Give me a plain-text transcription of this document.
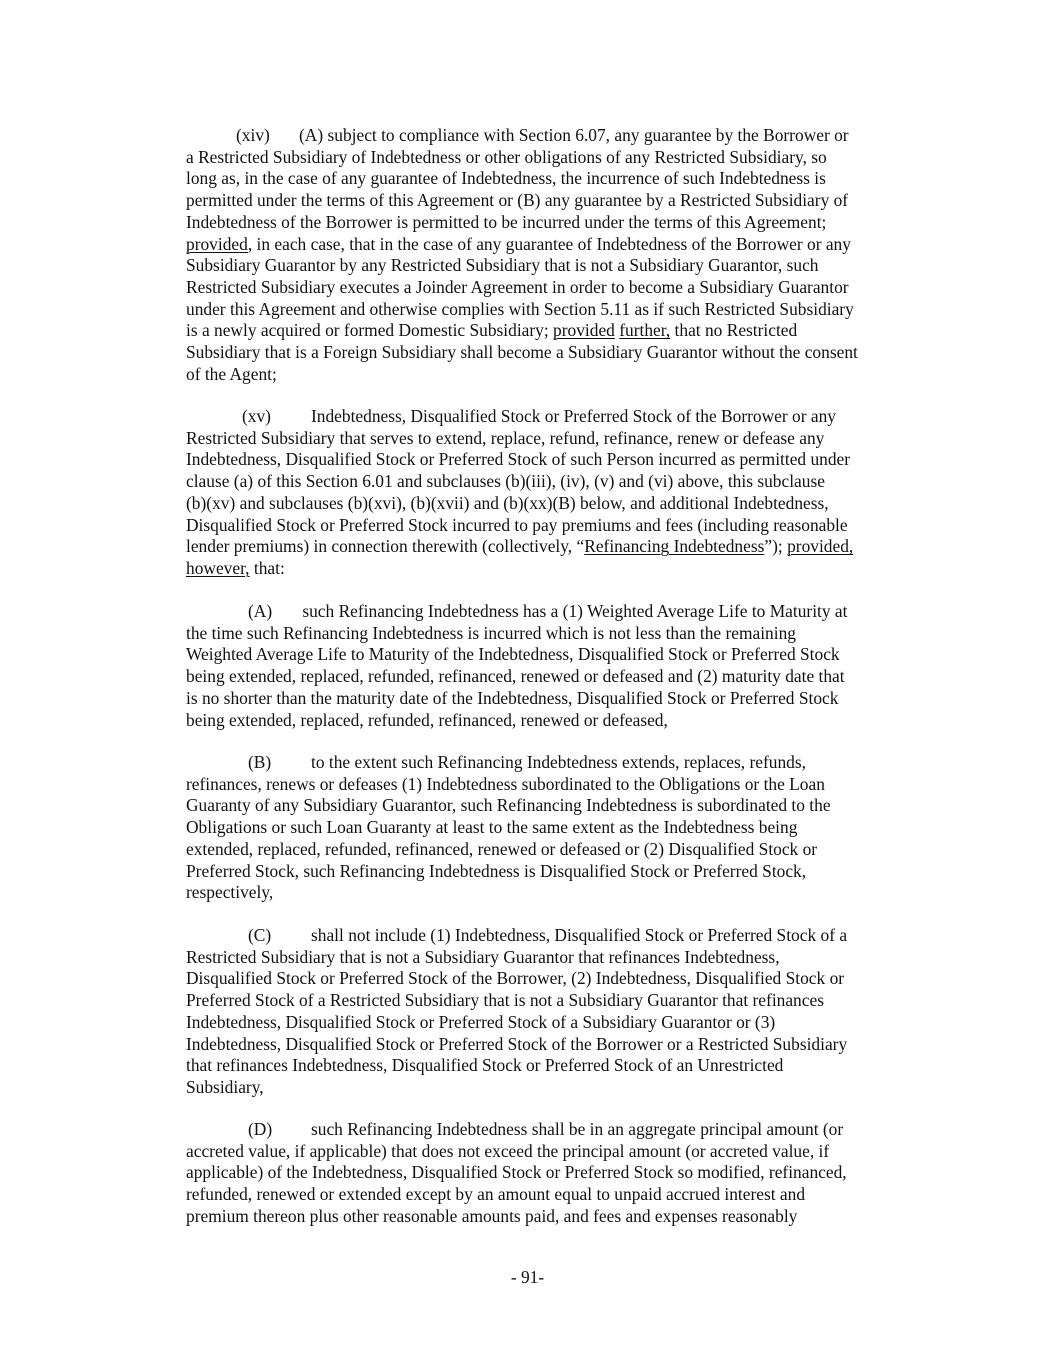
(xiv) (A) subject to compliance with Section 6.07, any guarantee by the Borrower or
a Restricted Subsidiary of Indebtedness or other obligations of any Restricted Subsidiary, so
long as, in the case of any guarantee of Indebtedness, the incurrence of such Indebtedness is
permitted under the terms of this Agreement or (B) any guarantee by a Restricted Subsidiary of
Indebtedness of the Borrower is permitted to be incurred under the terms of this Agreement;
provided, in each case, that in the case of any guarantee of Indebtedness of the Borrower or any
Subsidiary Guarantor by any Restricted Subsidiary that is not a Subsidiary Guarantor, such
Restricted Subsidiary executes a Joinder Agreement in order to become a Subsidiary Guarantor
under this Agreement and otherwise complies with Section 5.11 as if such Restricted Subsidiary
is a newly acquired or formed Domestic Subsidiary; provided further, that no Restricted
Subsidiary that is a Foreign Subsidiary shall become a Subsidiary Guarantor without the consent
of the Agent;
(xv) Indebtedness, Disqualified Stock or Preferred Stock of the Borrower or any
Restricted Subsidiary that serves to extend, replace, refund, refinance, renew or defease any
Indebtedness, Disqualified Stock or Preferred Stock of such Person incurred as permitted under
clause (a) of this Section 6.01 and subclauses (b)(iii), (iv), (v) and (vi) above, this subclause
(b)(xv) and subclauses (b)(xvi), (b)(xvii) and (b)(xx)(B) below, and additional Indebtedness,
Disqualified Stock or Preferred Stock incurred to pay premiums and fees (including reasonable
lender premiums) in connection therewith (collectively, “Refinancing Indebtedness”); provided,
however, that:
(A) such Refinancing Indebtedness has a (1) Weighted Average Life to Maturity at
the time such Refinancing Indebtedness is incurred which is not less than the remaining
Weighted Average Life to Maturity of the Indebtedness, Disqualified Stock or Preferred Stock
being extended, replaced, refunded, refinanced, renewed or defeased and (2) maturity date that
is no shorter than the maturity date of the Indebtedness, Disqualified Stock or Preferred Stock
being extended, replaced, refunded, refinanced, renewed or defeased,
(B) to the extent such Refinancing Indebtedness extends, replaces, refunds,
refinances, renews or defeases (1) Indebtedness subordinated to the Obligations or the Loan
Guaranty of any Subsidiary Guarantor, such Refinancing Indebtedness is subordinated to the
Obligations or such Loan Guaranty at least to the same extent as the Indebtedness being
extended, replaced, refunded, refinanced, renewed or defeased or (2) Disqualified Stock or
Preferred Stock, such Refinancing Indebtedness is Disqualified Stock or Preferred Stock,
respectively,
(C) shall not include (1) Indebtedness, Disqualified Stock or Preferred Stock of a
Restricted Subsidiary that is not a Subsidiary Guarantor that refinances Indebtedness,
Disqualified Stock or Preferred Stock of the Borrower, (2) Indebtedness, Disqualified Stock or
Preferred Stock of a Restricted Subsidiary that is not a Subsidiary Guarantor that refinances
Indebtedness, Disqualified Stock or Preferred Stock of a Subsidiary Guarantor or (3)
Indebtedness, Disqualified Stock or Preferred Stock of the Borrower or a Restricted Subsidiary
that refinances Indebtedness, Disqualified Stock or Preferred Stock of an Unrestricted
Subsidiary,
(D) such Refinancing Indebtedness shall be in an aggregate principal amount (or
accreted value, if applicable) that does not exceed the principal amount (or accreted value, if
applicable) of the Indebtedness, Disqualified Stock or Preferred Stock so modified, refinanced,
refunded, renewed or extended except by an amount equal to unpaid accrued interest and
premium thereon plus other reasonable amounts paid, and fees and expenses reasonably
- 91-
